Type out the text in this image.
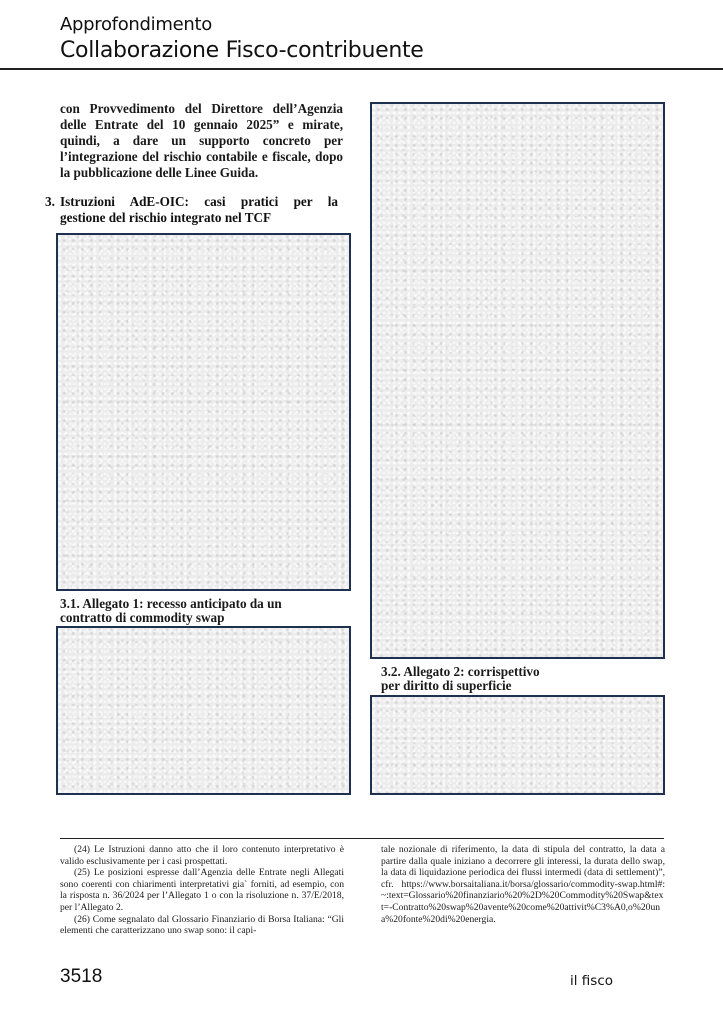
Approfondimento
Collaborazione Fisco-contribuente
con Provvedimento del Direttore dell’Agenzia delle Entrate del 10 gennaio 2025” e mirate, quindi, a dare un supporto concreto per l’integrazione del rischio contabile e fiscale, dopo la pubblicazione delle Linee Guida.
3. Istruzioni AdE-OIC: casi pratici per la
gestione del rischio integrato nel TCF
3.1. Allegato 1: recesso anticipato da un
contratto di commodity swap
3.2. Allegato 2: corrispettivo
per diritto di superficie

(24) Le Istruzioni danno atto che il loro contenuto interpretativo è valido esclusivamente per i casi prospettati.

(25) Le posizioni espresse dall’Agenzia delle Entrate negli Allegati sono coerenti con chiarimenti interpretativi gia` forniti, ad esempio, con la risposta n. 36/2024 per l’Allegato 1 o con la risoluzione n. 37/E/2018, per l’Allegato 2.

(26) Come segnalato dal Glossario Finanziario di Borsa Italiana: “Gli elementi che caratterizzano uno swap sono: il capi-

tale nozionale di riferimento, la data di stipula del contratto, la data a partire dalla quale iniziano a decorrere gli interessi, la durata dello swap, la data di liquidazione periodica dei flussi intermedi (data di settlement)”, cfr. https://www.borsaitaliana.it/borsa/glossario/commodity-swap.html#:~:text=Glossario%20finanziario%20%2D%20Commodity%20Swap&text=-Contratto%20swap%20avente%20come%20attivit%C3%A0,o%20una%20fonte%20di%20energia.

3518	il fisco
